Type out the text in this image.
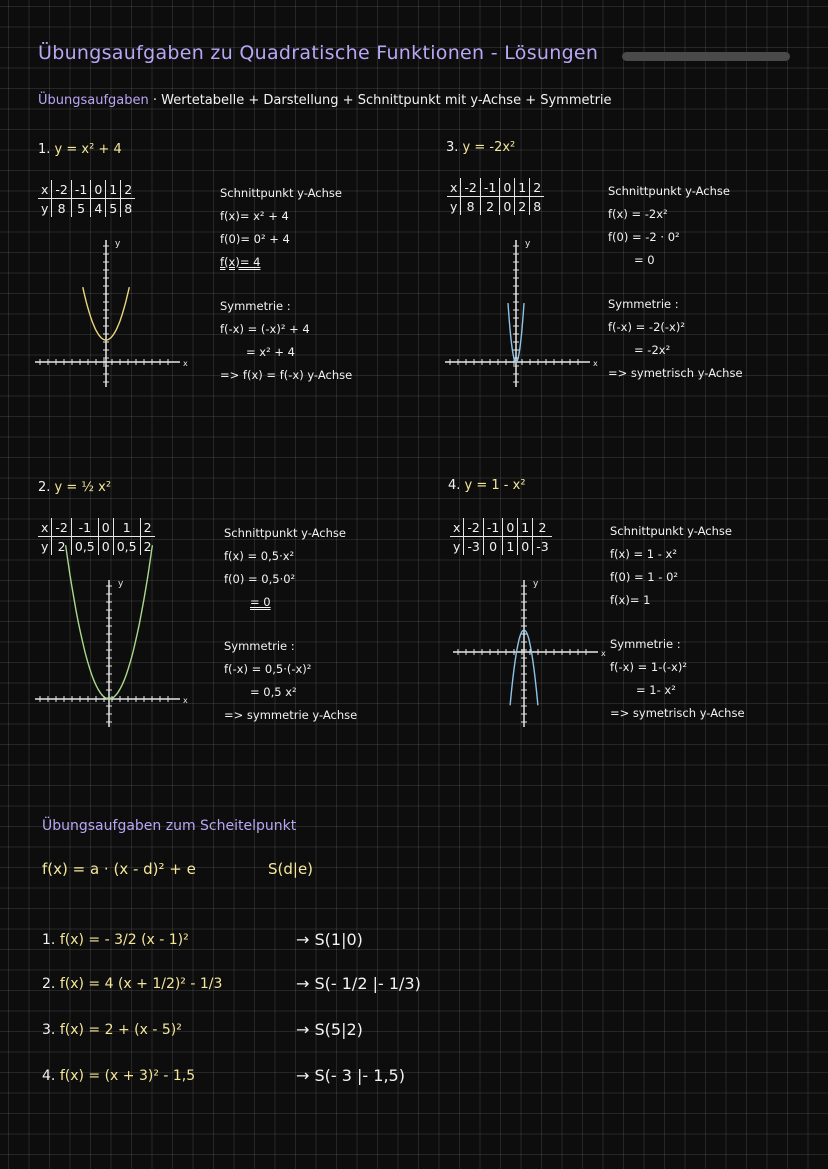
Übungsaufgaben zu Quadratische Funktionen - Lösungen
Übungsaufgaben · Wertetabelle + Darstellung + Schnittpunkt mit y-Achse + Symmetrie
1. y = x² + 4
x	-2	-1	0	1	2
y	8	5	4	5	8
x
y
Schnittpunkt y-Achse
f(x)= x² + 4
f(0)= 0² + 4
f(x)= 4
Symmetrie :
f(-x) = (-x)² + 4
= x² + 4
=> f(x) = f(-x) y-Achse
3. y = -2x²
x	-2	-1	0	1	2
y	8	2	0	2	8
x
y
Schnittpunkt y-Achse
f(x) = -2x²
f(0) = -2 · 0²
= 0
Symmetrie :
f(-x) = -2(-x)²
= -2x²
=> symetrisch y-Achse
2. y = ½ x²
x	-2	-1	0	1	2
y	2	0,5	0	0,5	2
x
y
Schnittpunkt y-Achse
f(x) = 0,5·x²
f(0) = 0,5·0²
= 0
Symmetrie :
f(-x) = 0,5·(-x)²
= 0,5 x²
=> symmetrie y-Achse
4. y = 1 - x²
x	-2	-1	0	1	2
y	-3	0	1	0	-3
x
y
Schnittpunkt y-Achse
f(x) = 1 - x²
f(0) = 1 - 0²
f(x)= 1
Symmetrie :
f(-x) = 1-(-x)²
= 1- x²
=> symetrisch y-Achse
Übungsaufgaben zum Scheitelpunkt
f(x) = a · (x - d)² + e	S(d|e)
1. f(x) = - 3/2 (x - 1)²	→ S(1|0)
2. f(x) = 4 (x + 1/2)² - 1/3	→ S(- 1/2 |- 1/3)
3. f(x) = 2 + (x - 5)²	→ S(5|2)
4. f(x) = (x + 3)² - 1,5	→ S(- 3 |- 1,5)
